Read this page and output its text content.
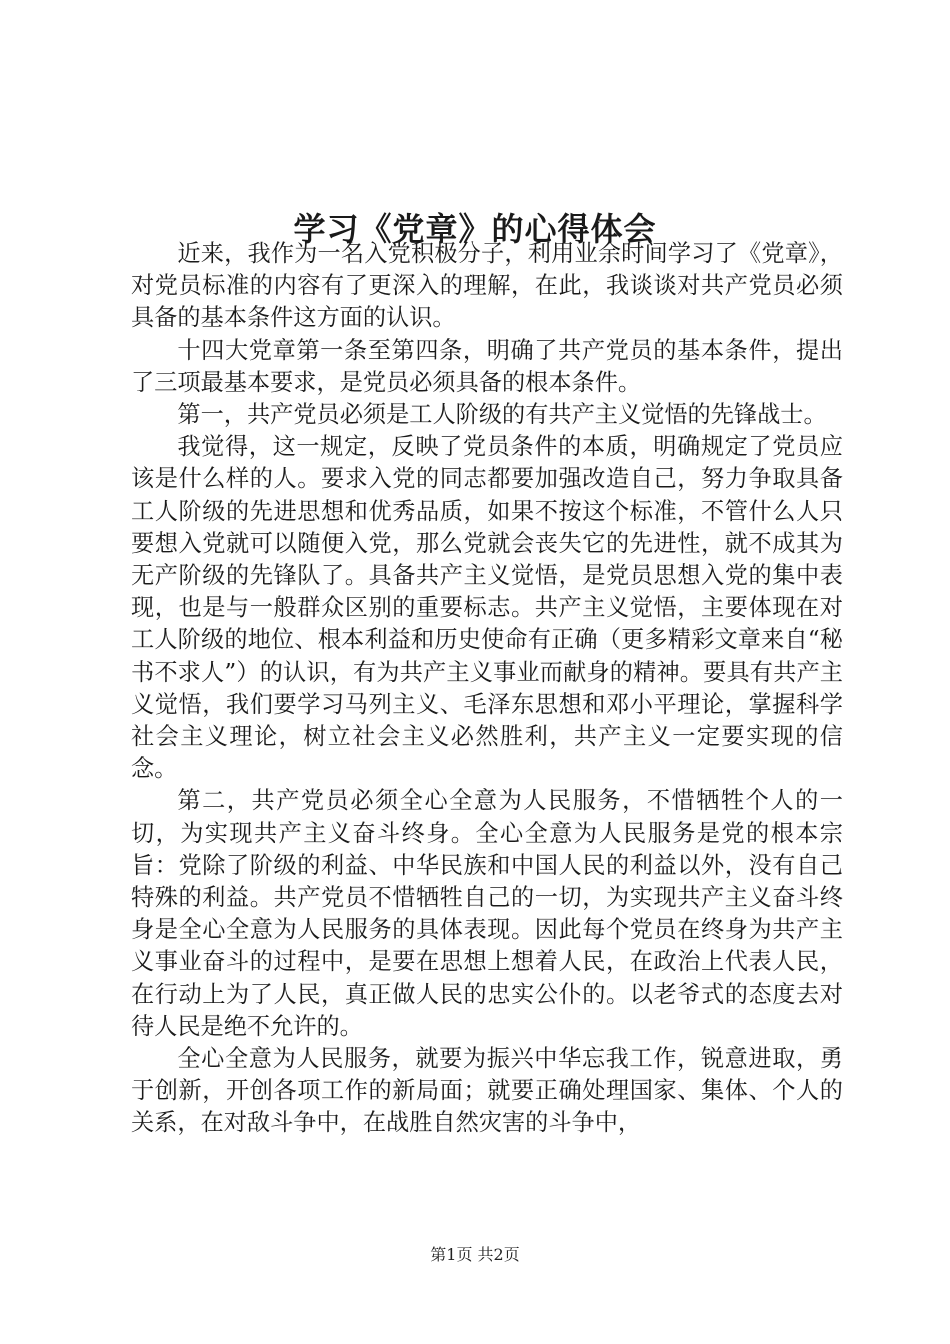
学习《党章》的心得体会

近来，我作为一名入党积极分子，利用业余时间学习了《党章》，对党员标准的内容有了更深入的理解，在此，我谈谈对共产党员必须具备的基本条件这方面的认识。

十四大党章第一条至第四条，明确了共产党员的基本条件，提出了三项最基本要求，是党员必须具备的根本条件。

第一，共产党员必须是工人阶级的有共产主义觉悟的先锋战士。

我觉得，这一规定，反映了党员条件的本质，明确规定了党员应该是什么样的人。要求入党的同志都要加强改造自己，努力争取具备工人阶级的先进思想和优秀品质，如果不按这个标准，不管什么人只要想入党就可以随便入党，那么党就会丧失它的先进性，就不成其为无产阶级的先锋队了。具备共产主义觉悟，是党员思想入党的集中表现，也是与一般群众区别的重要标志。共产主义觉悟，主要体现在对工人阶级的地位、根本利益和历史使命有正确（更多精彩文章来自“秘书不求人”）的认识，有为共产主义事业而献身的精神。要具有共产主义觉悟，我们要学习马列主义、毛泽东思想和邓小平理论，掌握科学社会主义理论，树立社会主义必然胜利，共产主义一定要实现的信念。

第二，共产党员必须全心全意为人民服务，不惜牺牲个人的一切，为实现共产主义奋斗终身。全心全意为人民服务是党的根本宗旨：党除了阶级的利益、中华民族和中国人民的利益以外，没有自己特殊的利益。共产党员不惜牺牲自己的一切，为实现共产主义奋斗终身是全心全意为人民服务的具体表现。因此每个党员在终身为共产主义事业奋斗的过程中，是要在思想上想着人民，在政治上代表人民，在行动上为了人民，真正做人民的忠实公仆的。以老爷式的态度去对待人民是绝不允许的。

全心全意为人民服务，就要为振兴中华忘我工作，锐意进取，勇于创新，开创各项工作的新局面；就要正确处理国家、集体、个人的关系，在对敌斗争中，在战胜自然灾害的斗争中，

第1页 共2页
